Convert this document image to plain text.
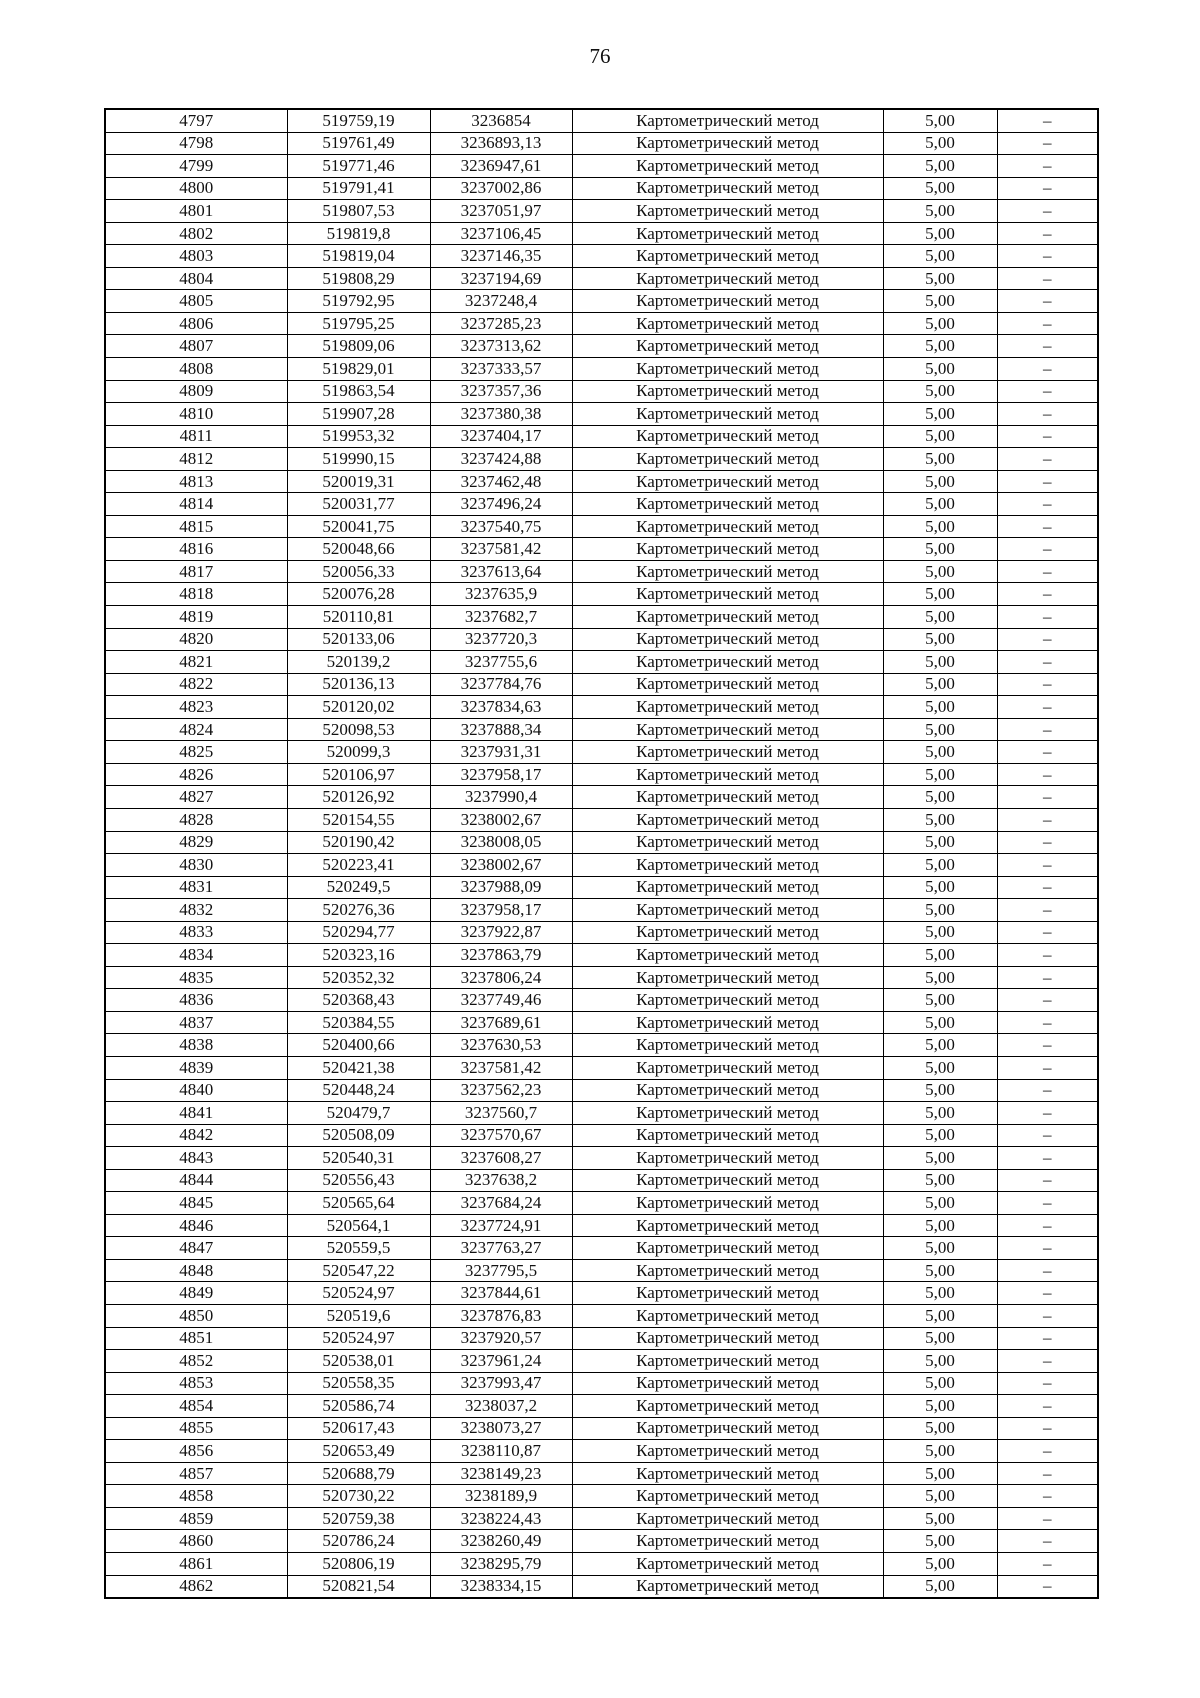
76
4797	519759,19	3236854	Картометрический метод	5,00	–
4798	519761,49	3236893,13	Картометрический метод	5,00	–
4799	519771,46	3236947,61	Картометрический метод	5,00	–
4800	519791,41	3237002,86	Картометрический метод	5,00	–
4801	519807,53	3237051,97	Картометрический метод	5,00	–
4802	519819,8	3237106,45	Картометрический метод	5,00	–
4803	519819,04	3237146,35	Картометрический метод	5,00	–
4804	519808,29	3237194,69	Картометрический метод	5,00	–
4805	519792,95	3237248,4	Картометрический метод	5,00	–
4806	519795,25	3237285,23	Картометрический метод	5,00	–
4807	519809,06	3237313,62	Картометрический метод	5,00	–
4808	519829,01	3237333,57	Картометрический метод	5,00	–
4809	519863,54	3237357,36	Картометрический метод	5,00	–
4810	519907,28	3237380,38	Картометрический метод	5,00	–
4811	519953,32	3237404,17	Картометрический метод	5,00	–
4812	519990,15	3237424,88	Картометрический метод	5,00	–
4813	520019,31	3237462,48	Картометрический метод	5,00	–
4814	520031,77	3237496,24	Картометрический метод	5,00	–
4815	520041,75	3237540,75	Картометрический метод	5,00	–
4816	520048,66	3237581,42	Картометрический метод	5,00	–
4817	520056,33	3237613,64	Картометрический метод	5,00	–
4818	520076,28	3237635,9	Картометрический метод	5,00	–
4819	520110,81	3237682,7	Картометрический метод	5,00	–
4820	520133,06	3237720,3	Картометрический метод	5,00	–
4821	520139,2	3237755,6	Картометрический метод	5,00	–
4822	520136,13	3237784,76	Картометрический метод	5,00	–
4823	520120,02	3237834,63	Картометрический метод	5,00	–
4824	520098,53	3237888,34	Картометрический метод	5,00	–
4825	520099,3	3237931,31	Картометрический метод	5,00	–
4826	520106,97	3237958,17	Картометрический метод	5,00	–
4827	520126,92	3237990,4	Картометрический метод	5,00	–
4828	520154,55	3238002,67	Картометрический метод	5,00	–
4829	520190,42	3238008,05	Картометрический метод	5,00	–
4830	520223,41	3238002,67	Картометрический метод	5,00	–
4831	520249,5	3237988,09	Картометрический метод	5,00	–
4832	520276,36	3237958,17	Картометрический метод	5,00	–
4833	520294,77	3237922,87	Картометрический метод	5,00	–
4834	520323,16	3237863,79	Картометрический метод	5,00	–
4835	520352,32	3237806,24	Картометрический метод	5,00	–
4836	520368,43	3237749,46	Картометрический метод	5,00	–
4837	520384,55	3237689,61	Картометрический метод	5,00	–
4838	520400,66	3237630,53	Картометрический метод	5,00	–
4839	520421,38	3237581,42	Картометрический метод	5,00	–
4840	520448,24	3237562,23	Картометрический метод	5,00	–
4841	520479,7	3237560,7	Картометрический метод	5,00	–
4842	520508,09	3237570,67	Картометрический метод	5,00	–
4843	520540,31	3237608,27	Картометрический метод	5,00	–
4844	520556,43	3237638,2	Картометрический метод	5,00	–
4845	520565,64	3237684,24	Картометрический метод	5,00	–
4846	520564,1	3237724,91	Картометрический метод	5,00	–
4847	520559,5	3237763,27	Картометрический метод	5,00	–
4848	520547,22	3237795,5	Картометрический метод	5,00	–
4849	520524,97	3237844,61	Картометрический метод	5,00	–
4850	520519,6	3237876,83	Картометрический метод	5,00	–
4851	520524,97	3237920,57	Картометрический метод	5,00	–
4852	520538,01	3237961,24	Картометрический метод	5,00	–
4853	520558,35	3237993,47	Картометрический метод	5,00	–
4854	520586,74	3238037,2	Картометрический метод	5,00	–
4855	520617,43	3238073,27	Картометрический метод	5,00	–
4856	520653,49	3238110,87	Картометрический метод	5,00	–
4857	520688,79	3238149,23	Картометрический метод	5,00	–
4858	520730,22	3238189,9	Картометрический метод	5,00	–
4859	520759,38	3238224,43	Картометрический метод	5,00	–
4860	520786,24	3238260,49	Картометрический метод	5,00	–
4861	520806,19	3238295,79	Картометрический метод	5,00	–
4862	520821,54	3238334,15	Картометрический метод	5,00	–
